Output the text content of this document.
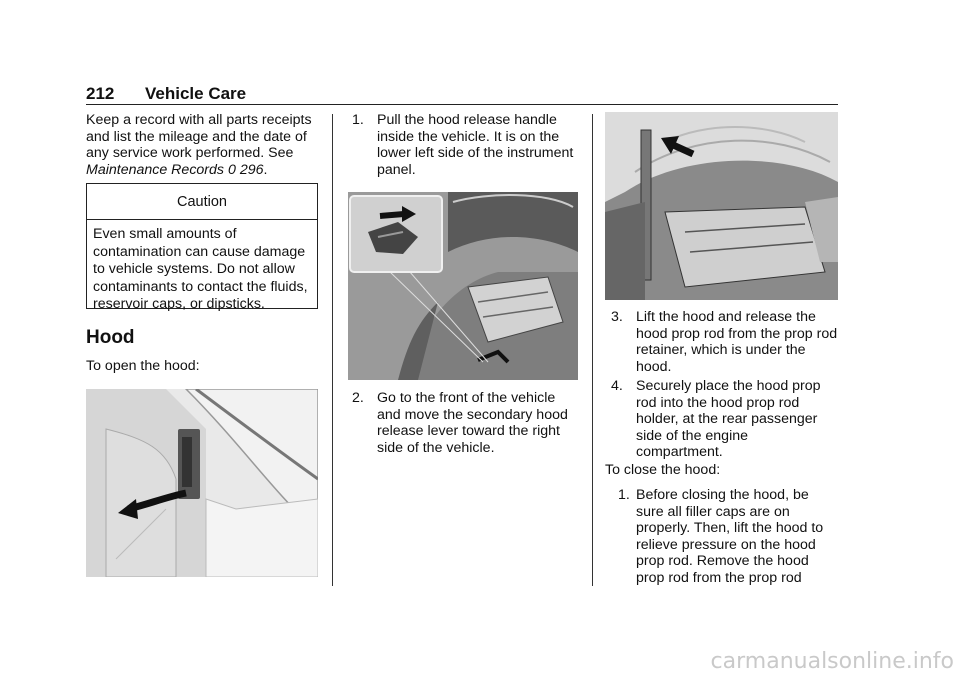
212 Vehicle Care
Keep a record with all parts receipts and list the mileage and the date of any service work performed. See Maintenance Records 0 296.
Caution
Even small amounts of contamination can cause damage to vehicle systems. Do not allow contaminants to contact the fluids, reservoir caps, or dipsticks.
Hood
To open the hood:
1. Pull the hood release handle inside the vehicle. It is on the lower left side of the instrument panel.
2. Go to the front of the vehicle and move the secondary hood release lever toward the right side of the vehicle.
3. Lift the hood and release the hood prop rod from the prop rod retainer, which is under the hood.
4. Securely place the hood prop rod into the hood prop rod holder, at the rear passenger side of the engine compartment.
To close the hood:
1. Before closing the hood, be sure all filler caps are on properly. Then, lift the hood to relieve pressure on the hood prop rod. Remove the hood prop rod from the prop rod
carmanualsonline.info
